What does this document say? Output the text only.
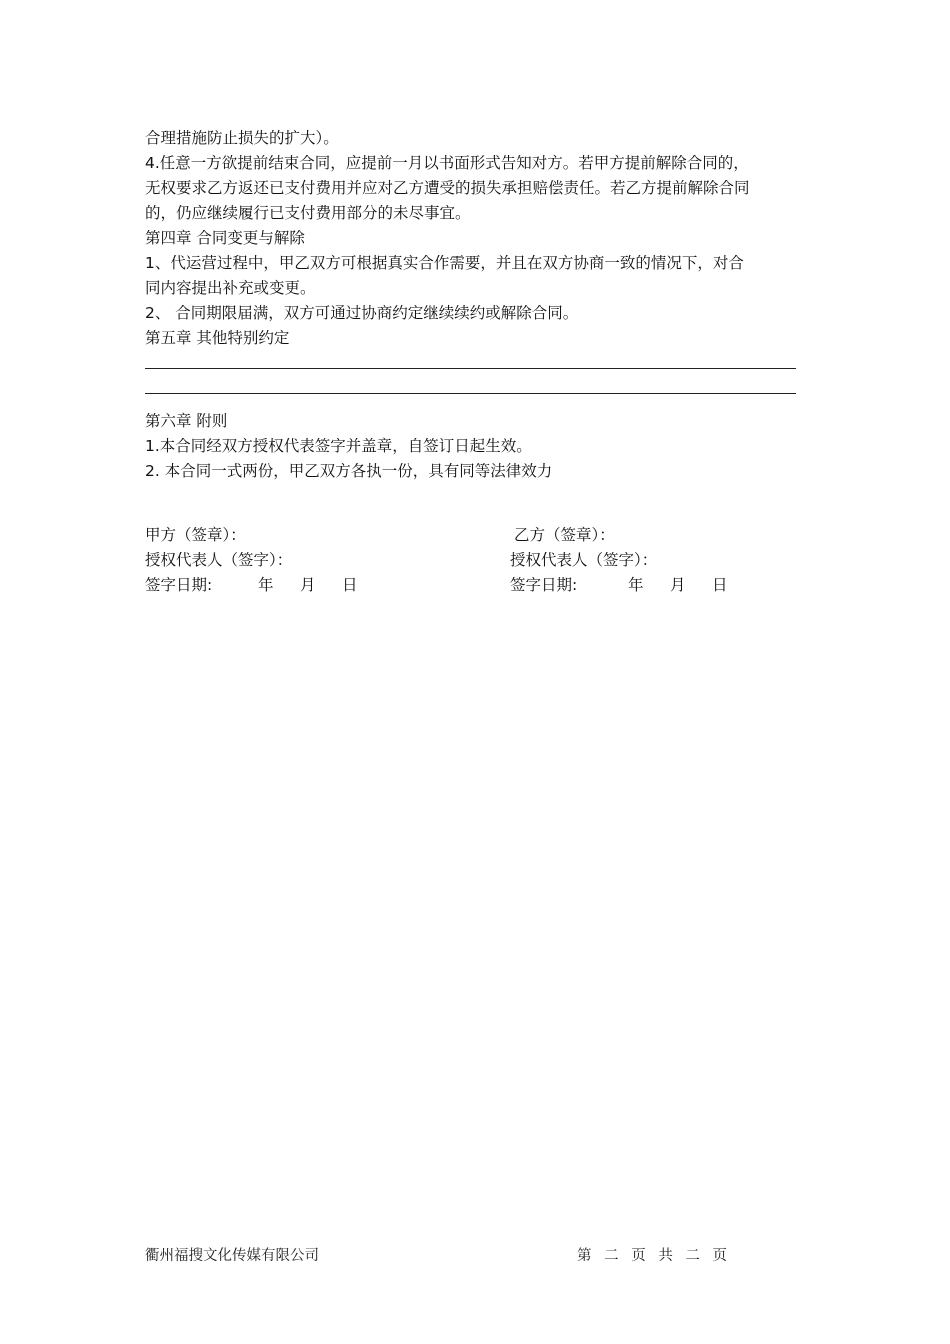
合理措施防止损失的扩大）。
4.任意一方欲提前结束合同，应提前一月以书面形式告知对方。若甲方提前解除合同的，
无权要求乙方返还已支付费用并应对乙方遭受的损失承担赔偿责任。若乙方提前解除合同
的，仍应继续履行已支付费用部分的未尽事宜。
第四章 合同变更与解除
1、代运营过程中，甲乙双方可根据真实合作需要，并且在双方协商一致的情况下，对合
同内容提出补充或变更。
2、 合同期限届满，双方可通过协商约定继续续约或解除合同。
第五章 其他特别约定
第六章 附则
1.本合同经双方授权代表签字并盖章，自签订日起生效。
2. 本合同一式两份，甲乙双方各执一份，具有同等法律效力
甲方（签章）：
授权代表人（签字）：
签字日期:	年 月 日
乙方（签章）：
授权代表人（签字）：
签字日期:	年 月 日
衢州福搜文化传媒有限公司	第 二 页 共 二 页
